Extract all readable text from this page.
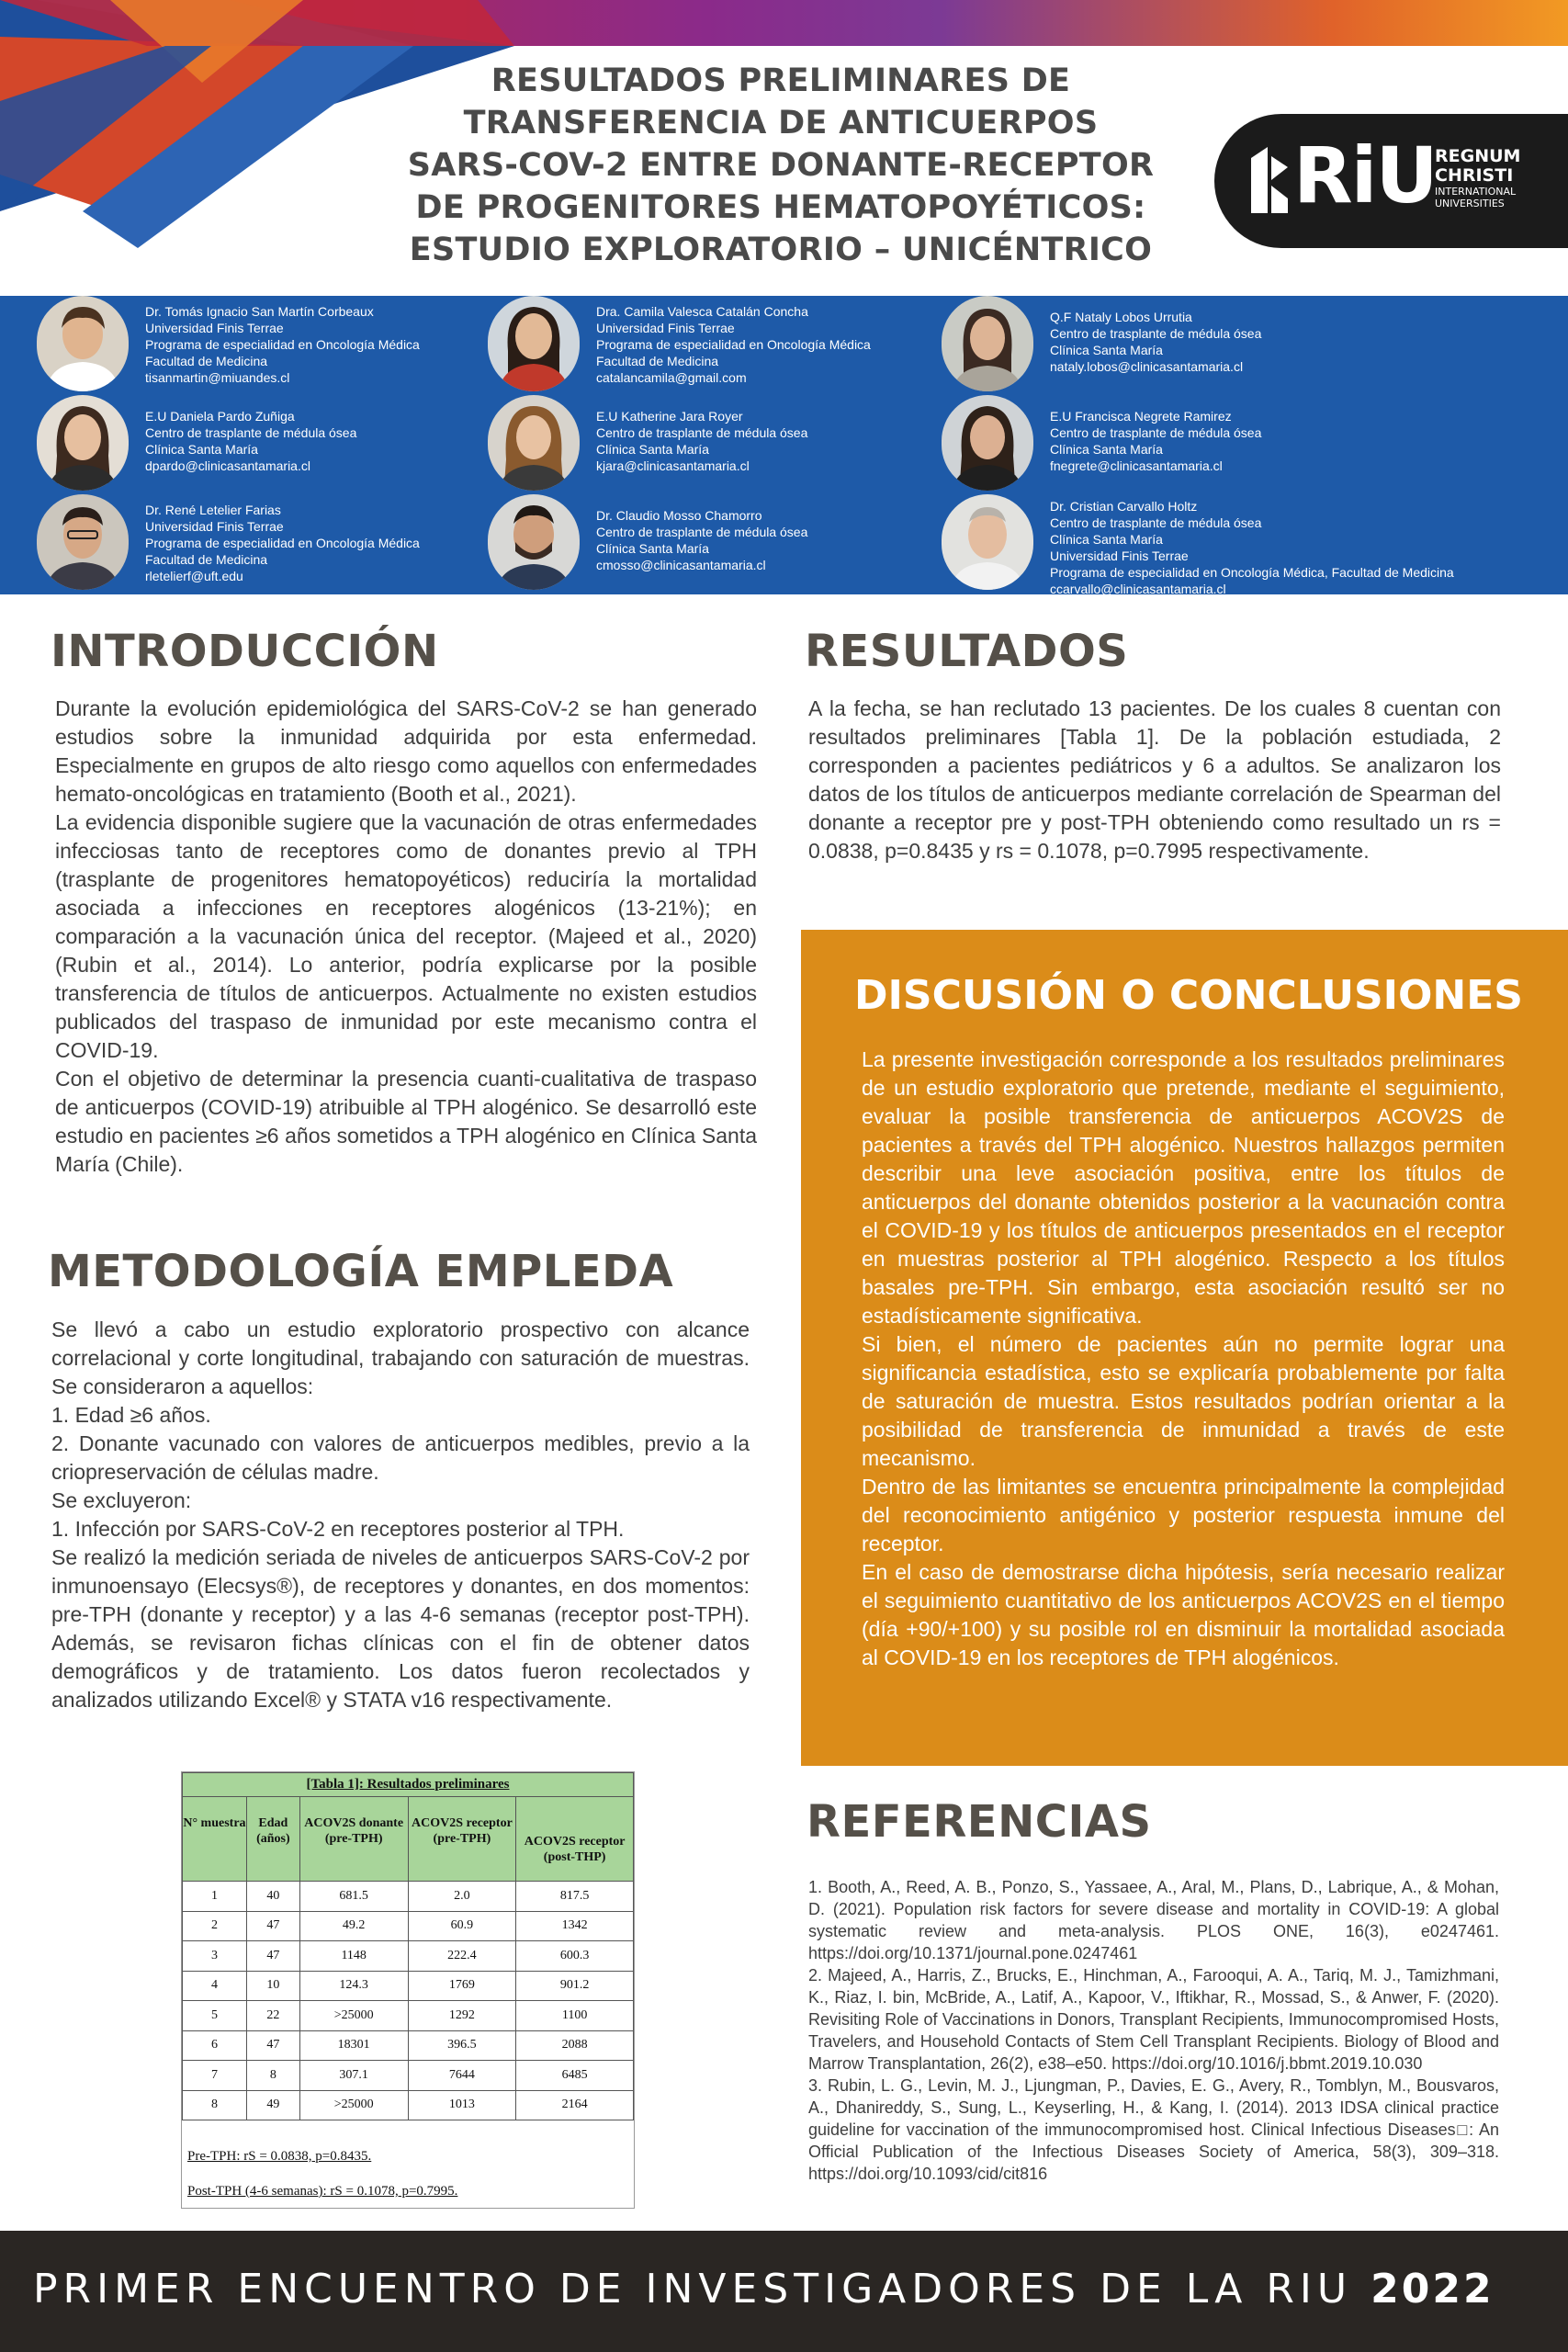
RESULTADOS PRELIMINARES DE
TRANSFERENCIA DE ANTICUERPOS
SARS-COV-2 ENTRE DONANTE-RECEPTOR
DE PROGENITORES HEMATOPOYÉTICOS:
ESTUDIO EXPLORATORIO – UNICÉNTRICO
RiU
REGNUM
CHRISTI
INTERNATIONAL
UNIVERSITIES
Dr. Tomás Ignacio San Martín Corbeaux
Universidad Finis Terrae
Programa de especialidad en Oncología Médica
Facultad de Medicina
tisanmartin@miuandes.cl
Dra. Camila Valesca Catalán Concha
Universidad Finis Terrae
Programa de especialidad en Oncología Médica
Facultad de Medicina
catalancamila@gmail.com
Q.F Nataly Lobos Urrutia
Centro de trasplante de médula ósea
Clínica Santa María
nataly.lobos@clinicasantamaria.cl
E.U Daniela Pardo Zuñiga
Centro de trasplante de médula ósea
Clínica Santa María
dpardo@clinicasantamaria.cl
E.U Katherine Jara Royer
Centro de trasplante de médula ósea
Clínica Santa María
kjara@clinicasantamaria.cl
E.U Francisca Negrete Ramirez
Centro de trasplante de médula ósea
Clínica Santa María
fnegrete@clinicasantamaria.cl
Dr. René Letelier Farias
Universidad Finis Terrae
Programa de especialidad en Oncología Médica
Facultad de Medicina
rletelierf@uft.edu
Dr. Claudio Mosso Chamorro
Centro de trasplante de médula ósea
Clínica Santa María
cmosso@clinicasantamaria.cl
Dr. Cristian Carvallo Holtz
Centro de trasplante de médula ósea
Clínica Santa María
Universidad Finis Terrae
Programa de especialidad en Oncología Médica, Facultad de Medicina
ccarvallo@clinicasantamaria.cl
INTRODUCCIÓN

Durante la evolución epidemiológica del SARS-CoV-2 se han generado estudios sobre la inmunidad adquirida por esta enfermedad. Especialmente en grupos de alto riesgo como aquellos con enfermedades hemato-oncológicas en tratamiento (Booth et al., 2021).

La evidencia disponible sugiere que la vacunación de otras enfermedades infecciosas tanto de receptores como de donantes previo al TPH (trasplante de progenitores hematopoyéticos) reduciría la mortalidad asociada a infecciones en receptores alogénicos (13-21%); en comparación a la vacunación única del receptor. (Majeed et al., 2020)(Rubin et al., 2014). Lo anterior, podría explicarse por la posible transferencia de títulos de anticuerpos. Actualmente no existen estudios publicados del traspaso de inmunidad por este mecanismo contra el COVID-19.

Con el objetivo de determinar la presencia cuanti-cualitativa de traspaso de anticuerpos (COVID-19) atribuible al TPH alogénico. Se desarrolló este estudio en pacientes ≥6 años sometidos a TPH alogénico en Clínica Santa María (Chile).

METODOLOGÍA EMPLEDA

Se llevó a cabo un estudio exploratorio prospectivo con alcance correlacional y corte longitudinal, trabajando con saturación de muestras. Se consideraron a aquellos:

1. Edad ≥6 años.

2. Donante vacunado con valores de anticuerpos medibles, previo a la criopreservación de células madre.

Se excluyeron:

1. Infección por SARS-CoV-2 en receptores posterior al TPH.

Se realizó la medición seriada de niveles de anticuerpos SARS-CoV-2 por inmunoensayo (Elecsys®), de receptores y donantes, en dos momentos: pre-TPH (donante y receptor) y a las 4-6 semanas (receptor post-TPH). Además, se revisaron fichas clínicas con el fin de obtener datos demográficos y de tratamiento. Los datos fueron recolectados y analizados utilizando Excel® y STATA v16 respectivamente.

[Tabla 1]: Resultados preliminares				
N° muestra	Edad (años)	ACOV2S donante (pre-TPH)	ACOV2S receptor (pre-TPH)	ACOV2S receptor (post-THP)
1	40	681.5	2.0	817.5
2	47	49.2	60.9	1342
3	47	1148	222.4	600.3
4	10	124.3	1769	901.2
5	22	>25000	1292	1100
6	47	18301	396.5	2088
7	8	307.1	7644	6485
8	49	>25000	1013	2164
Pre-TPH: rS = 0.0838, p=0.8435.
Post-TPH (4-6 semanas): rS = 0.1078, p=0.7995.
RESULTADOS

A la fecha, se han reclutado 13 pacientes. De los cuales 8 cuentan con resultados preliminares [Tabla 1]. De la población estudiada, 2 corresponden a pacientes pediátricos y 6 a adultos. Se analizaron los datos de los títulos de anticuerpos mediante correlación de Spearman del donante a receptor pre y post-TPH obteniendo como resultado un rs = 0.0838, p=0.8435 y rs = 0.1078, p=0.7995 respectivamente.

DISCUSIÓN O CONCLUSIONES

La presente investigación corresponde a los resultados preliminares de un estudio exploratorio que pretende, mediante el seguimiento, evaluar la posible transferencia de anticuerpos ACOV2S de pacientes a través del TPH alogénico. Nuestros hallazgos permiten describir una leve asociación positiva, entre los títulos de anticuerpos del donante obtenidos posterior a la vacunación contra el COVID-19 y los títulos de anticuerpos presentados en el receptor en muestras posterior al TPH alogénico. Respecto a los títulos basales pre-TPH. Sin embargo, esta asociación resultó ser no estadísticamente significativa.

Si bien, el número de pacientes aún no permite lograr una significancia estadística, esto se explicaría probablemente por falta de saturación de muestra. Estos resultados podrían orientar a la posibilidad de transferencia de inmunidad a través de este mecanismo.

Dentro de las limitantes se encuentra principalmente la complejidad del reconocimiento antigénico y posterior respuesta inmune del receptor.

En el caso de demostrarse dicha hipótesis, sería necesario realizar el seguimiento cuantitativo de los anticuerpos ACOV2S en el tiempo (día +90/+100) y su posible rol en disminuir la mortalidad asociada al COVID-19 en los receptores de TPH alogénicos.

REFERENCIAS

1. Booth, A., Reed, A. B., Ponzo, S., Yassaee, A., Aral, M., Plans, D., Labrique, A., & Mohan, D. (2021). Population risk factors for severe disease and mortality in COVID-19: A global systematic review and meta-analysis. PLOS ONE, 16(3), e0247461. https://doi.org/10.1371/journal.pone.0247461

2. Majeed, A., Harris, Z., Brucks, E., Hinchman, A., Farooqui, A. A., Tariq, M. J., Tamizhmani, K., Riaz, I. bin, McBride, A., Latif, A., Kapoor, V., Iftikhar, R., Mossad, S., & Anwer, F. (2020). Revisiting Role of Vaccinations in Donors, Transplant Recipients, Immunocompromised Hosts, Travelers, and Household Contacts of Stem Cell Transplant Recipients. Biology of Blood and Marrow Transplantation, 26(2), e38–e50. https://doi.org/10.1016/j.bbmt.2019.10.030

3. Rubin, L. G., Levin, M. J., Ljungman, P., Davies, E. G., Avery, R., Tomblyn, M., Bousvaros, A., Dhanireddy, S., Sung, L., Keyserling, H., & Kang, I. (2014). 2013 IDSA clinical practice guideline for vaccination of the immunocompromised host. Clinical Infectious Diseases□: An Official Publication of the Infectious Diseases Society of America, 58(3), 309–318. https://doi.org/10.1093/cid/cit816

PRIMER ENCUENTRO DE INVESTIGADORES DE LA RIU 2022
